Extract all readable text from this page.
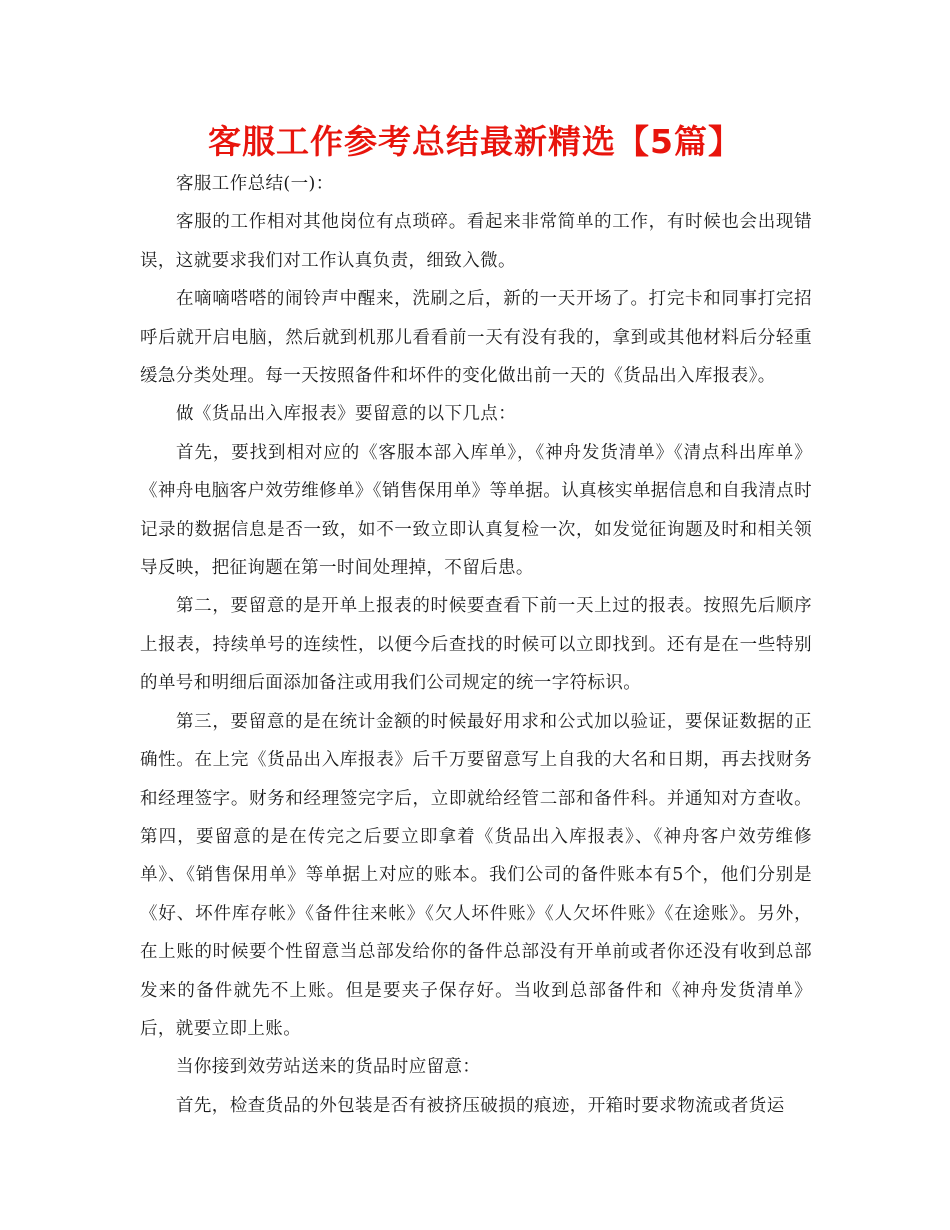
客服工作参考总结最新精选【5篇】

客服工作总结(一)：

客服的工作相对其他岗位有点琐碎。看起来非常简单的工作，有时候也会出现错误，这就要求我们对工作认真负责，细致入微。

在嘀嘀嗒嗒的闹铃声中醒来，洗刷之后，新的一天开场了。打完卡和同事打完招呼后就开启电脑，然后就到机那儿看看前一天有没有我的，拿到或其他材料后分轻重缓急分类处理。每一天按照备件和坏件的变化做出前一天的《货品出入库报表》。

做《货品出入库报表》要留意的以下几点：

首先，要找到相对应的《客服本部入库单》，《神舟发货清单》《清点科出库单》《神舟电脑客户效劳维修单》《销售保用单》等单据。认真核实单据信息和自我清点时记录的数据信息是否一致，如不一致立即认真复检一次，如发觉征询题及时和相关领导反映，把征询题在第一时间处理掉，不留后患。

第二，要留意的是开单上报表的时候要查看下前一天上过的报表。按照先后顺序上报表，持续单号的连续性，以便今后查找的时候可以立即找到。还有是在一些特别的单号和明细后面添加备注或用我们公司规定的统一字符标识。

第三，要留意的是在统计金额的时候最好用求和公式加以验证，要保证数据的正确性。在上完《货品出入库报表》后千万要留意写上自我的大名和日期，再去找财务和经理签字。财务和经理签完字后，立即就给经管二部和备件科。并通知对方查收。第四，要留意的是在传完之后要立即拿着《货品出入库报表》、《神舟客户效劳维修单》、《销售保用单》等单据上对应的账本。我们公司的备件账本有5个，他们分别是《好、坏件库存帐》《备件往来帐》《欠人坏件账》《人欠坏件账》《在途账》。另外，在上账的时候要个性留意当总部发给你的备件总部没有开单前或者你还没有收到总部发来的备件就先不上账。但是要夹子保存好。当收到总部备件和《神舟发货清单》后，就要立即上账。

当你接到效劳站送来的货品时应留意：

首先，检查货品的外包装是否有被挤压破损的痕迹，开箱时要求物流或者货运
